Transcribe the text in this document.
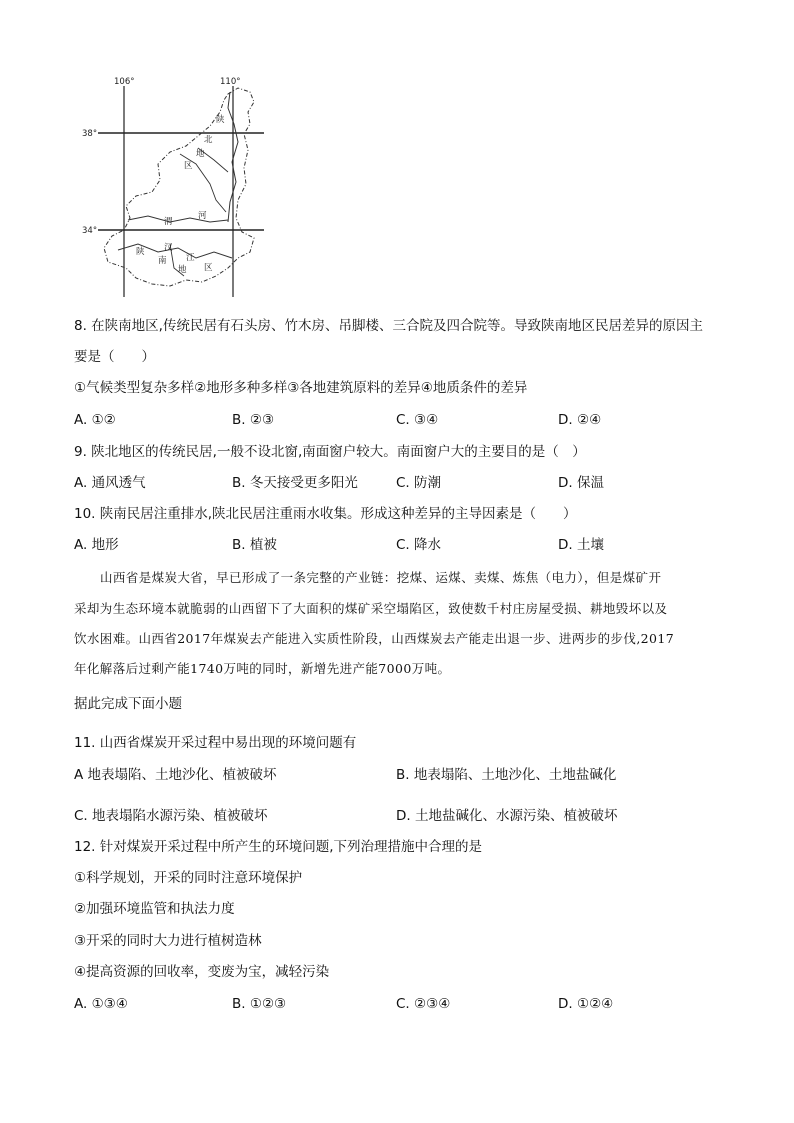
106°	110°
38°
34°
陕
北
地
区
渭
河
陕
南
汉
江
地 区
8. 在陕南地区,传统民居有石头房、竹木房、吊脚楼、三合院及四合院等。导致陕南地区民居差异的原因主
要是（　　）
①气候类型复杂多样②地形多种多样③各地建筑原料的差异④地质条件的差异
A. ①②	B. ②③	C. ③④	D. ②④
9. 陕北地区的传统民居,一般不设北窗,南面窗户较大。南面窗户大的主要目的是（　）
A. 通风透气	B. 冬天接受更多阳光	C. 防潮	D. 保温
10. 陕南民居注重排水,陕北民居注重雨水收集。形成这种差异的主导因素是（　　）
A. 地形	B. 植被	C. 降水	D. 土壤
山西省是煤炭大省，早已形成了一条完整的产业链：挖煤、运煤、卖煤、炼焦（电力），但是煤矿开
采却为生态环境本就脆弱的山西留下了大面积的煤矿采空塌陷区，致使数千村庄房屋受损、耕地毁坏以及
饮水困难。山西省2017年煤炭去产能进入实质性阶段，山西煤炭去产能走出退一步、进两步的步伐,2017
年化解落后过剩产能1740万吨的同时，新增先进产能7000万吨。
据此完成下面小题
11. 山西省煤炭开采过程中易出现的环境问题有
A 地表塌陷、土地沙化、植被破坏	B. 地表塌陷、土地沙化、土地盐碱化
C. 地表塌陷水源污染、植被破坏	D. 土地盐碱化、水源污染、植被破坏
12. 针对煤炭开采过程中所产生的环境问题,下列治理措施中合理的是
①科学规划，开采的同时注意环境保护
②加强环境监管和执法力度
③开采的同时大力进行植树造林
④提高资源的回收率，变废为宝，减轻污染
A. ①③④	B. ①②③	C. ②③④	D. ①②④
